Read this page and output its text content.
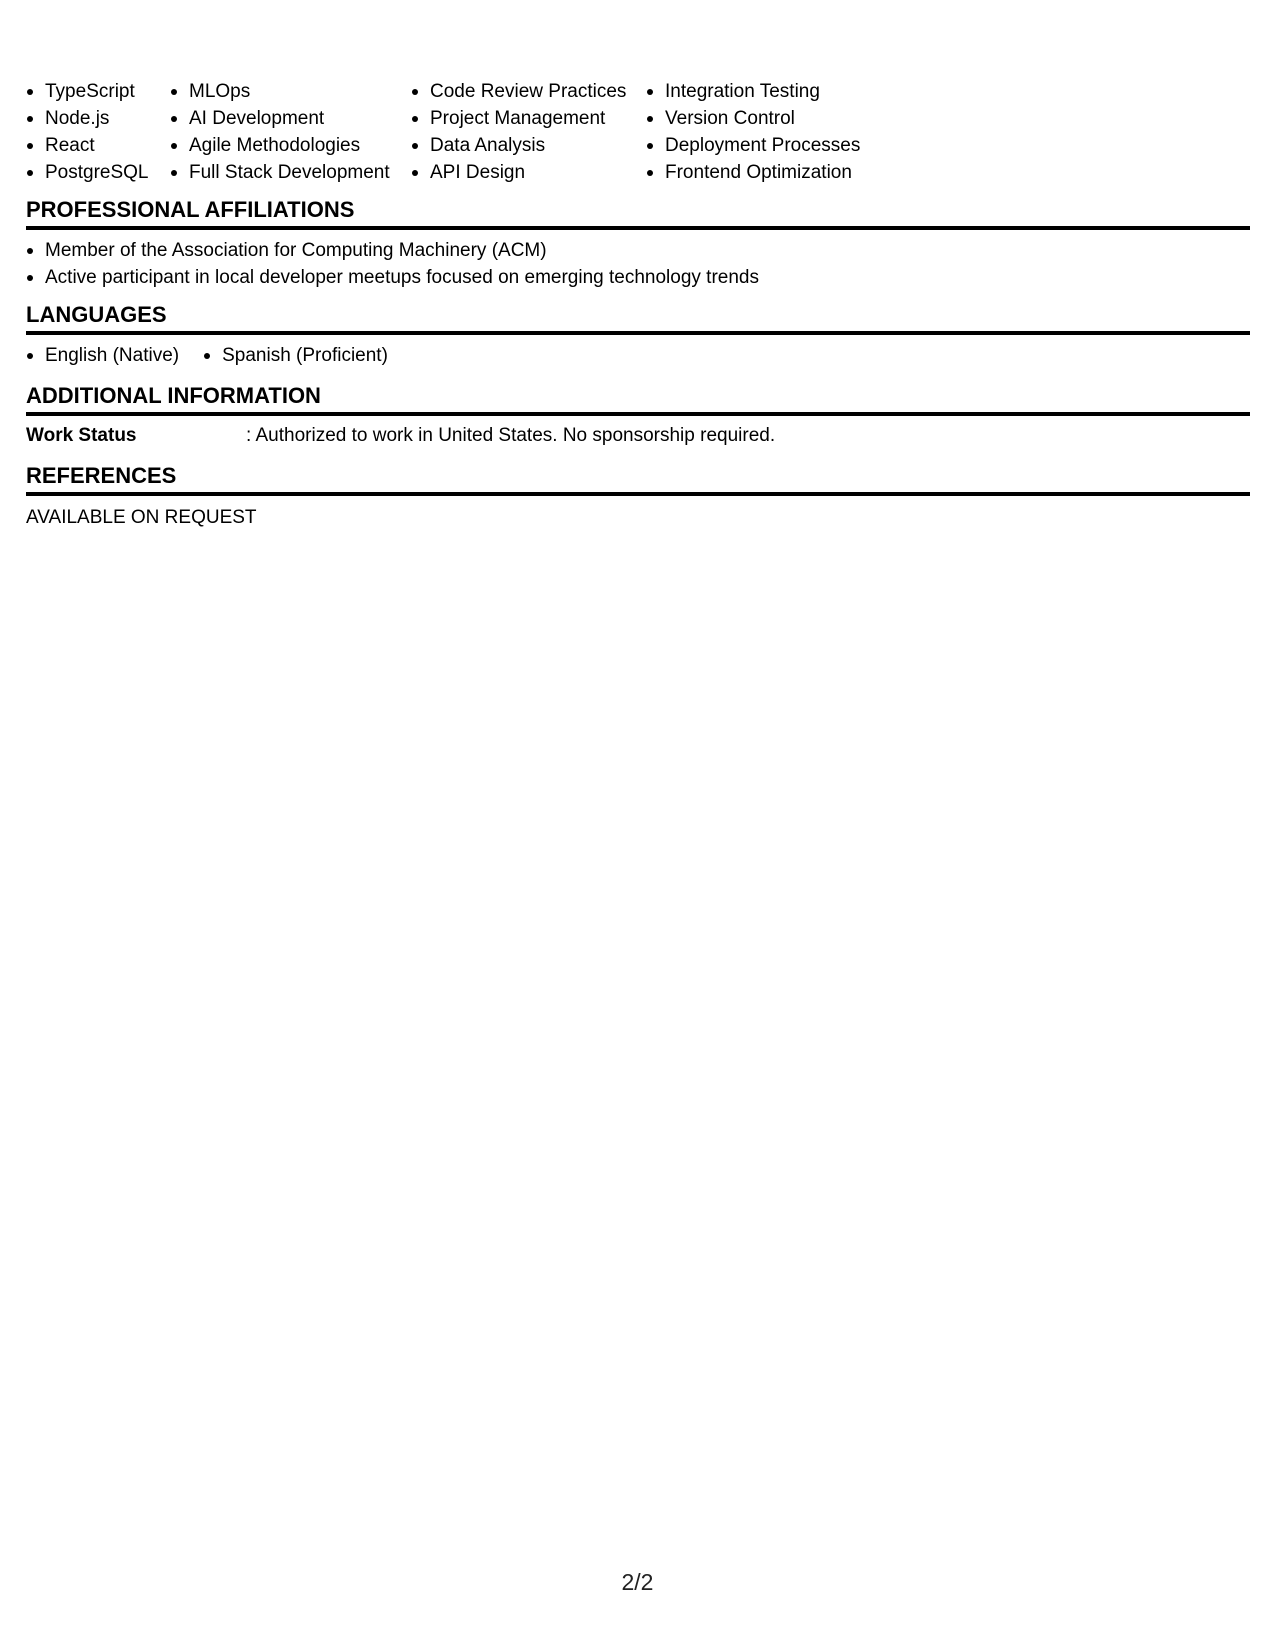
TypeScript
Node.js
React
PostgreSQL
MLOps
AI Development
Agile Methodologies
Full Stack Development
Code Review Practices
Project Management
Data Analysis
API Design
Integration Testing
Version Control
Deployment Processes
Frontend Optimization
PROFESSIONAL AFFILIATIONS
Member of the Association for Computing Machinery (ACM)
Active participant in local developer meetups focused on emerging technology trends
LANGUAGES
English (Native)	Spanish (Proficient)
ADDITIONAL INFORMATION
Work Status	: Authorized to work in United States. No sponsorship required.
REFERENCES
AVAILABLE ON REQUEST
2/2
